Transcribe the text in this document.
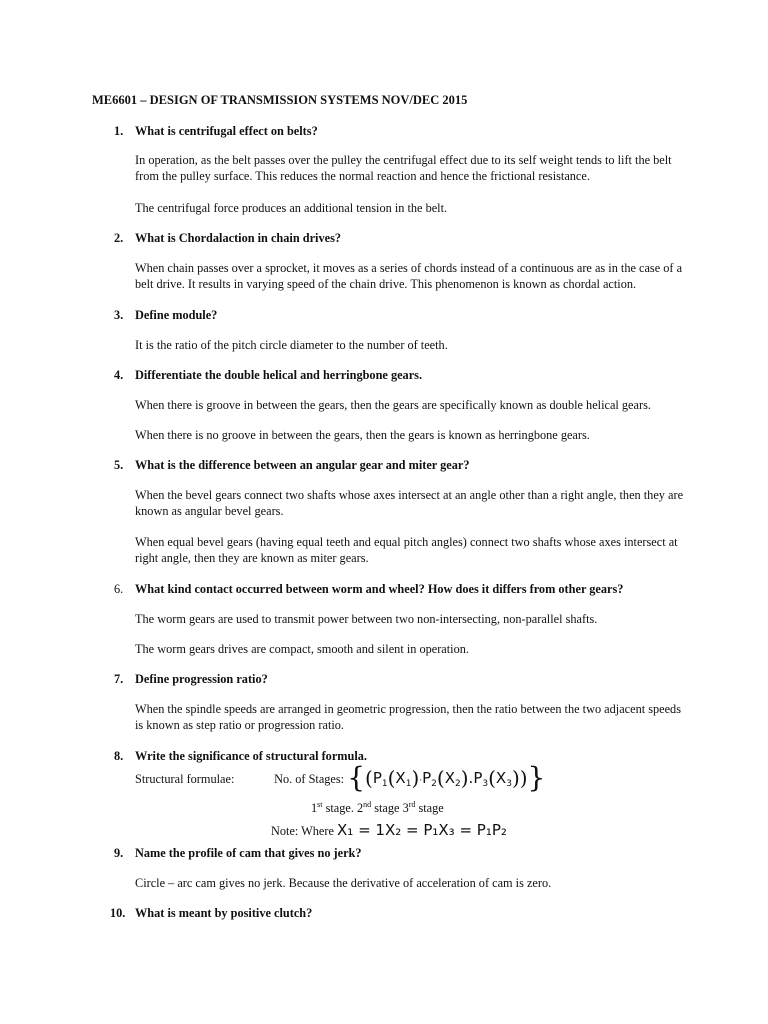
ME6601 – DESIGN OF TRANSMISSION SYSTEMS NOV/DEC 2015
1. What is centrifugal effect on belts?

In operation, as the belt passes over the pulley the centrifugal effect due to its self weight tends to lift the belt from the pulley surface. This reduces the normal reaction and hence the frictional resistance.

The centrifugal force produces an additional tension in the belt.

2. What is Chordalaction in chain drives?

When chain passes over a sprocket, it moves as a series of chords instead of a continuous are as in the case of a belt drive. It results in varying speed of the chain drive. This phenomenon is known as chordal action.

3. Define module?

It is the ratio of the pitch circle diameter to the number of teeth.

4. Differentiate the double helical and herringbone gears.

When there is groove in between the gears, then the gears are specifically known as double helical gears.

When there is no groove in between the gears, then the gears is known as herringbone gears.

5. What is the difference between an angular gear and miter gear?

When the bevel gears connect two shafts whose axes intersect at an angle other than a right angle, then they are known as angular bevel gears.

When equal bevel gears (having equal teeth and equal pitch angles) connect two shafts whose axes intersect at right angle, then they are known as miter gears.

6. What kind contact occurred between worm and wheel? How does it differs from other gears?

The worm gears are used to transmit power between two non-intersecting, non-parallel shafts.

The worm gears drives are compact, smooth and silent in operation.

7. Define progression ratio?

When the spindle speeds are arranged in geometric progression, then the ratio between the two adjacent speeds is known as step ratio or progression ratio.

8. Write the significance of structural formula.
Structural formulae:	No. of Stages: $\{(P_1(X_1)\cdot P_2(X_2).P_3(X_3))\}$
1st stage. 2nd stage 3rd stage
Note: Where X₁ = 1X₂ = P₁X₃ = P₁P₂
9. Name the profile of cam that gives no jerk?

Circle – arc cam gives no jerk. Because the derivative of acceleration of cam is zero.

10. What is meant by positive clutch?
